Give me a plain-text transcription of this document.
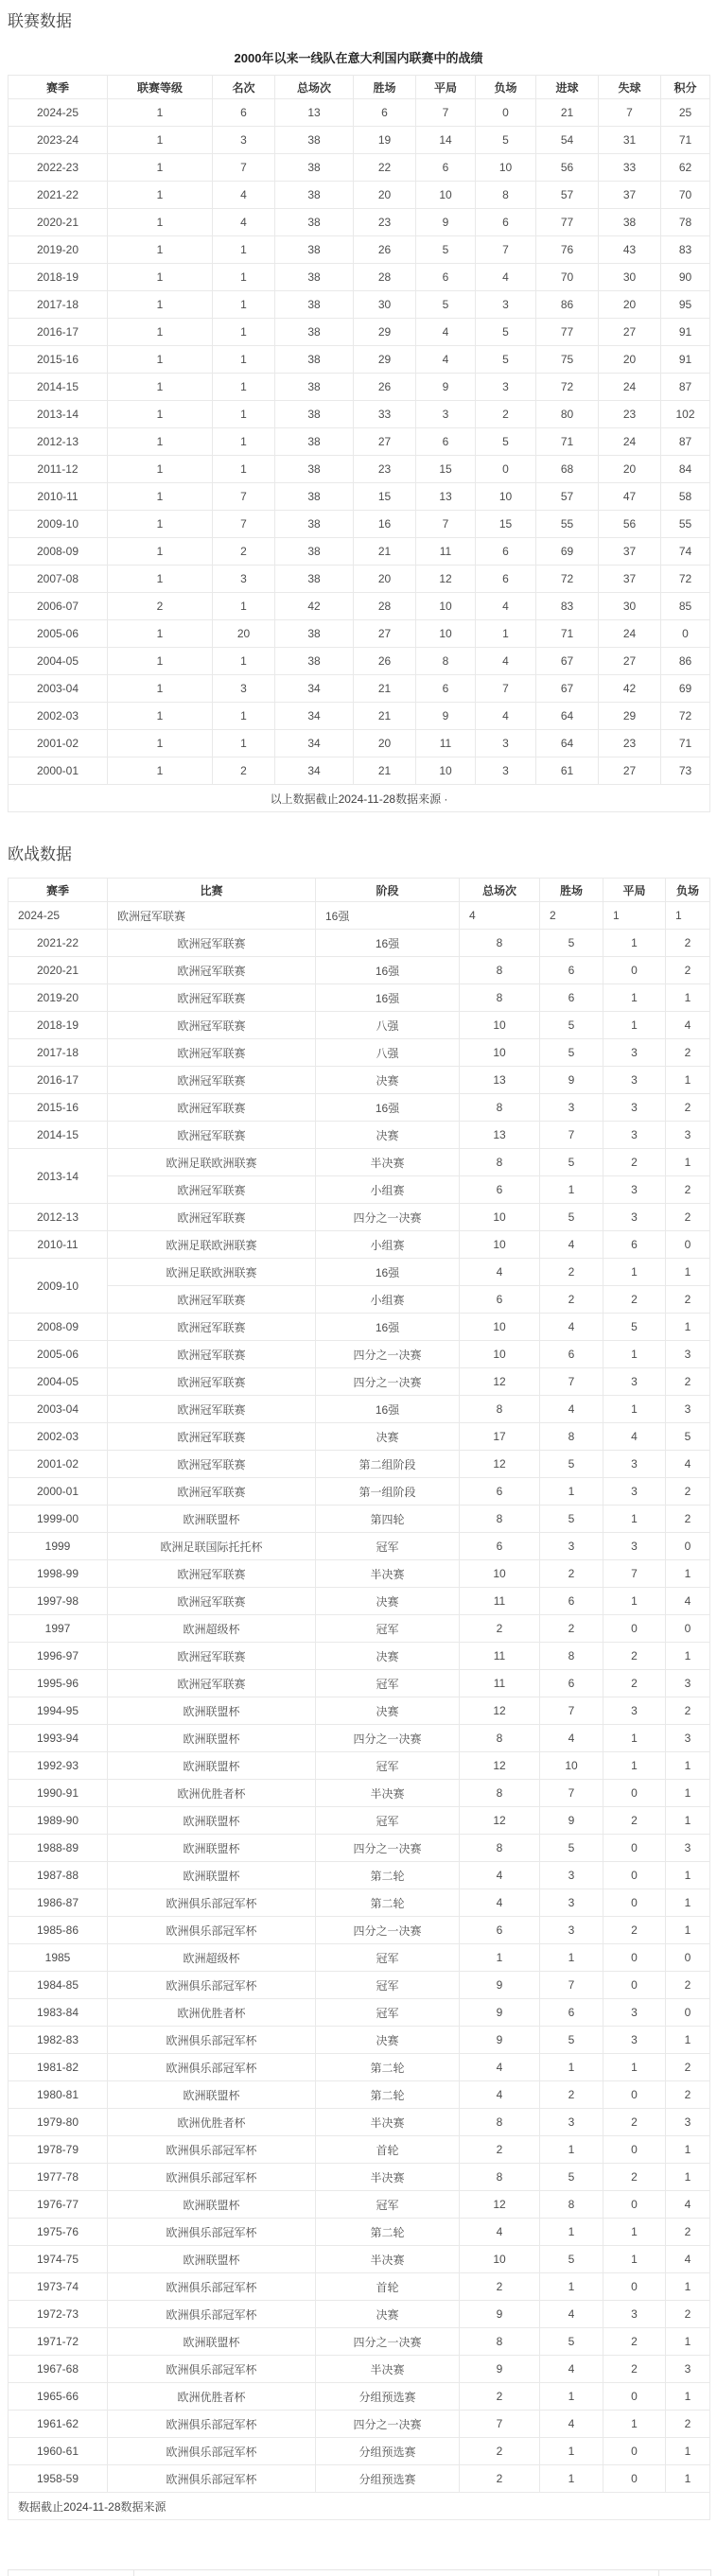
联赛数据
2000年以来一线队在意大利国内联赛中的战绩
赛季	联赛等级	名次	总场次	胜场	平局	负场	进球	失球	积分
2024-25	1	6	13	6	7	0	21	7	25
2023-24	1	3	38	19	14	5	54	31	71
2022-23	1	7	38	22	6	10	56	33	62
2021-22	1	4	38	20	10	8	57	37	70
2020-21	1	4	38	23	9	6	77	38	78
2019-20	1	1	38	26	5	7	76	43	83
2018-19	1	1	38	28	6	4	70	30	90
2017-18	1	1	38	30	5	3	86	20	95
2016-17	1	1	38	29	4	5	77	27	91
2015-16	1	1	38	29	4	5	75	20	91
2014-15	1	1	38	26	9	3	72	24	87
2013-14	1	1	38	33	3	2	80	23	102
2012-13	1	1	38	27	6	5	71	24	87
2011-12	1	1	38	23	15	0	68	20	84
2010-11	1	7	38	15	13	10	57	47	58
2009-10	1	7	38	16	7	15	55	56	55
2008-09	1	2	38	21	11	6	69	37	74
2007-08	1	3	38	20	12	6	72	37	72
2006-07	2	1	42	28	10	4	83	30	85
2005-06	1	20	38	27	10	1	71	24	0
2004-05	1	1	38	26	8	4	67	27	86
2003-04	1	3	34	21	6	7	67	42	69
2002-03	1	1	34	21	9	4	64	29	72
2001-02	1	1	34	20	11	3	64	23	71
2000-01	1	2	34	21	10	3	61	27	73
以上数据截止2024-11-28数据来源 ·									
欧战数据
赛季	比赛	阶段	总场次	胜场	平局	负场
2024-25	欧洲冠军联赛	16强	4	2	1	1
2021-22	欧洲冠军联赛	16强	8	5	1	2
2020-21	欧洲冠军联赛	16强	8	6	0	2
2019-20	欧洲冠军联赛	16强	8	6	1	1
2018-19	欧洲冠军联赛	八强	10	5	1	4
2017-18	欧洲冠军联赛	八强	10	5	3	2
2016-17	欧洲冠军联赛	决赛	13	9	3	1
2015-16	欧洲冠军联赛	16强	8	3	3	2
2014-15	欧洲冠军联赛	决赛	13	7	3	3
2013-14	欧洲足联欧洲联赛	半决赛	8	5	2	1
	欧洲冠军联赛	小组赛	6	1	3	2
2012-13	欧洲冠军联赛	四分之一决赛	10	5	3	2
2010-11	欧洲足联欧洲联赛	小组赛	10	4	6	0
2009-10	欧洲足联欧洲联赛	16强	4	2	1	1
	欧洲冠军联赛	小组赛	6	2	2	2
2008-09	欧洲冠军联赛	16强	10	4	5	1
2005-06	欧洲冠军联赛	四分之一决赛	10	6	1	3
2004-05	欧洲冠军联赛	四分之一决赛	12	7	3	2
2003-04	欧洲冠军联赛	16强	8	4	1	3
2002-03	欧洲冠军联赛	决赛	17	8	4	5
2001-02	欧洲冠军联赛	第二组阶段	12	5	3	4
2000-01	欧洲冠军联赛	第一组阶段	6	1	3	2
1999-00	欧洲联盟杯	第四轮	8	5	1	2
1999	欧洲足联国际托托杯	冠军	6	3	3	0
1998-99	欧洲冠军联赛	半决赛	10	2	7	1
1997-98	欧洲冠军联赛	决赛	11	6	1	4
1997	欧洲超级杯	冠军	2	2	0	0
1996-97	欧洲冠军联赛	决赛	11	8	2	1
1995-96	欧洲冠军联赛	冠军	11	6	2	3
1994-95	欧洲联盟杯	决赛	12	7	3	2
1993-94	欧洲联盟杯	四分之一决赛	8	4	1	3
1992-93	欧洲联盟杯	冠军	12	10	1	1
1990-91	欧洲优胜者杯	半决赛	8	7	0	1
1989-90	欧洲联盟杯	冠军	12	9	2	1
1988-89	欧洲联盟杯	四分之一决赛	8	5	0	3
1987-88	欧洲联盟杯	第二轮	4	3	0	1
1986-87	欧洲俱乐部冠军杯	第二轮	4	3	0	1
1985-86	欧洲俱乐部冠军杯	四分之一决赛	6	3	2	1
1985	欧洲超级杯	冠军	1	1	0	0
1984-85	欧洲俱乐部冠军杯	冠军	9	7	0	2
1983-84	欧洲优胜者杯	冠军	9	6	3	0
1982-83	欧洲俱乐部冠军杯	决赛	9	5	3	1
1981-82	欧洲俱乐部冠军杯	第二轮	4	1	1	2
1980-81	欧洲联盟杯	第二轮	4	2	0	2
1979-80	欧洲优胜者杯	半决赛	8	3	2	3
1978-79	欧洲俱乐部冠军杯	首轮	2	1	0	1
1977-78	欧洲俱乐部冠军杯	半决赛	8	5	2	1
1976-77	欧洲联盟杯	冠军	12	8	0	4
1975-76	欧洲俱乐部冠军杯	第二轮	4	1	1	2
1974-75	欧洲联盟杯	半决赛	10	5	1	4
1973-74	欧洲俱乐部冠军杯	首轮	2	1	0	1
1972-73	欧洲俱乐部冠军杯	决赛	9	4	3	2
1971-72	欧洲联盟杯	四分之一决赛	8	5	2	1
1967-68	欧洲俱乐部冠军杯	半决赛	9	4	2	3
1965-66	欧洲优胜者杯	分组预选赛	2	1	0	1
1961-62	欧洲俱乐部冠军杯	四分之一决赛	7	4	1	2
1960-61	欧洲俱乐部冠军杯	分组预选赛	2	1	0	1
1958-59	欧洲俱乐部冠军杯	分组预选赛	2	1	0	1
数据截止2024-11-28数据来源						
